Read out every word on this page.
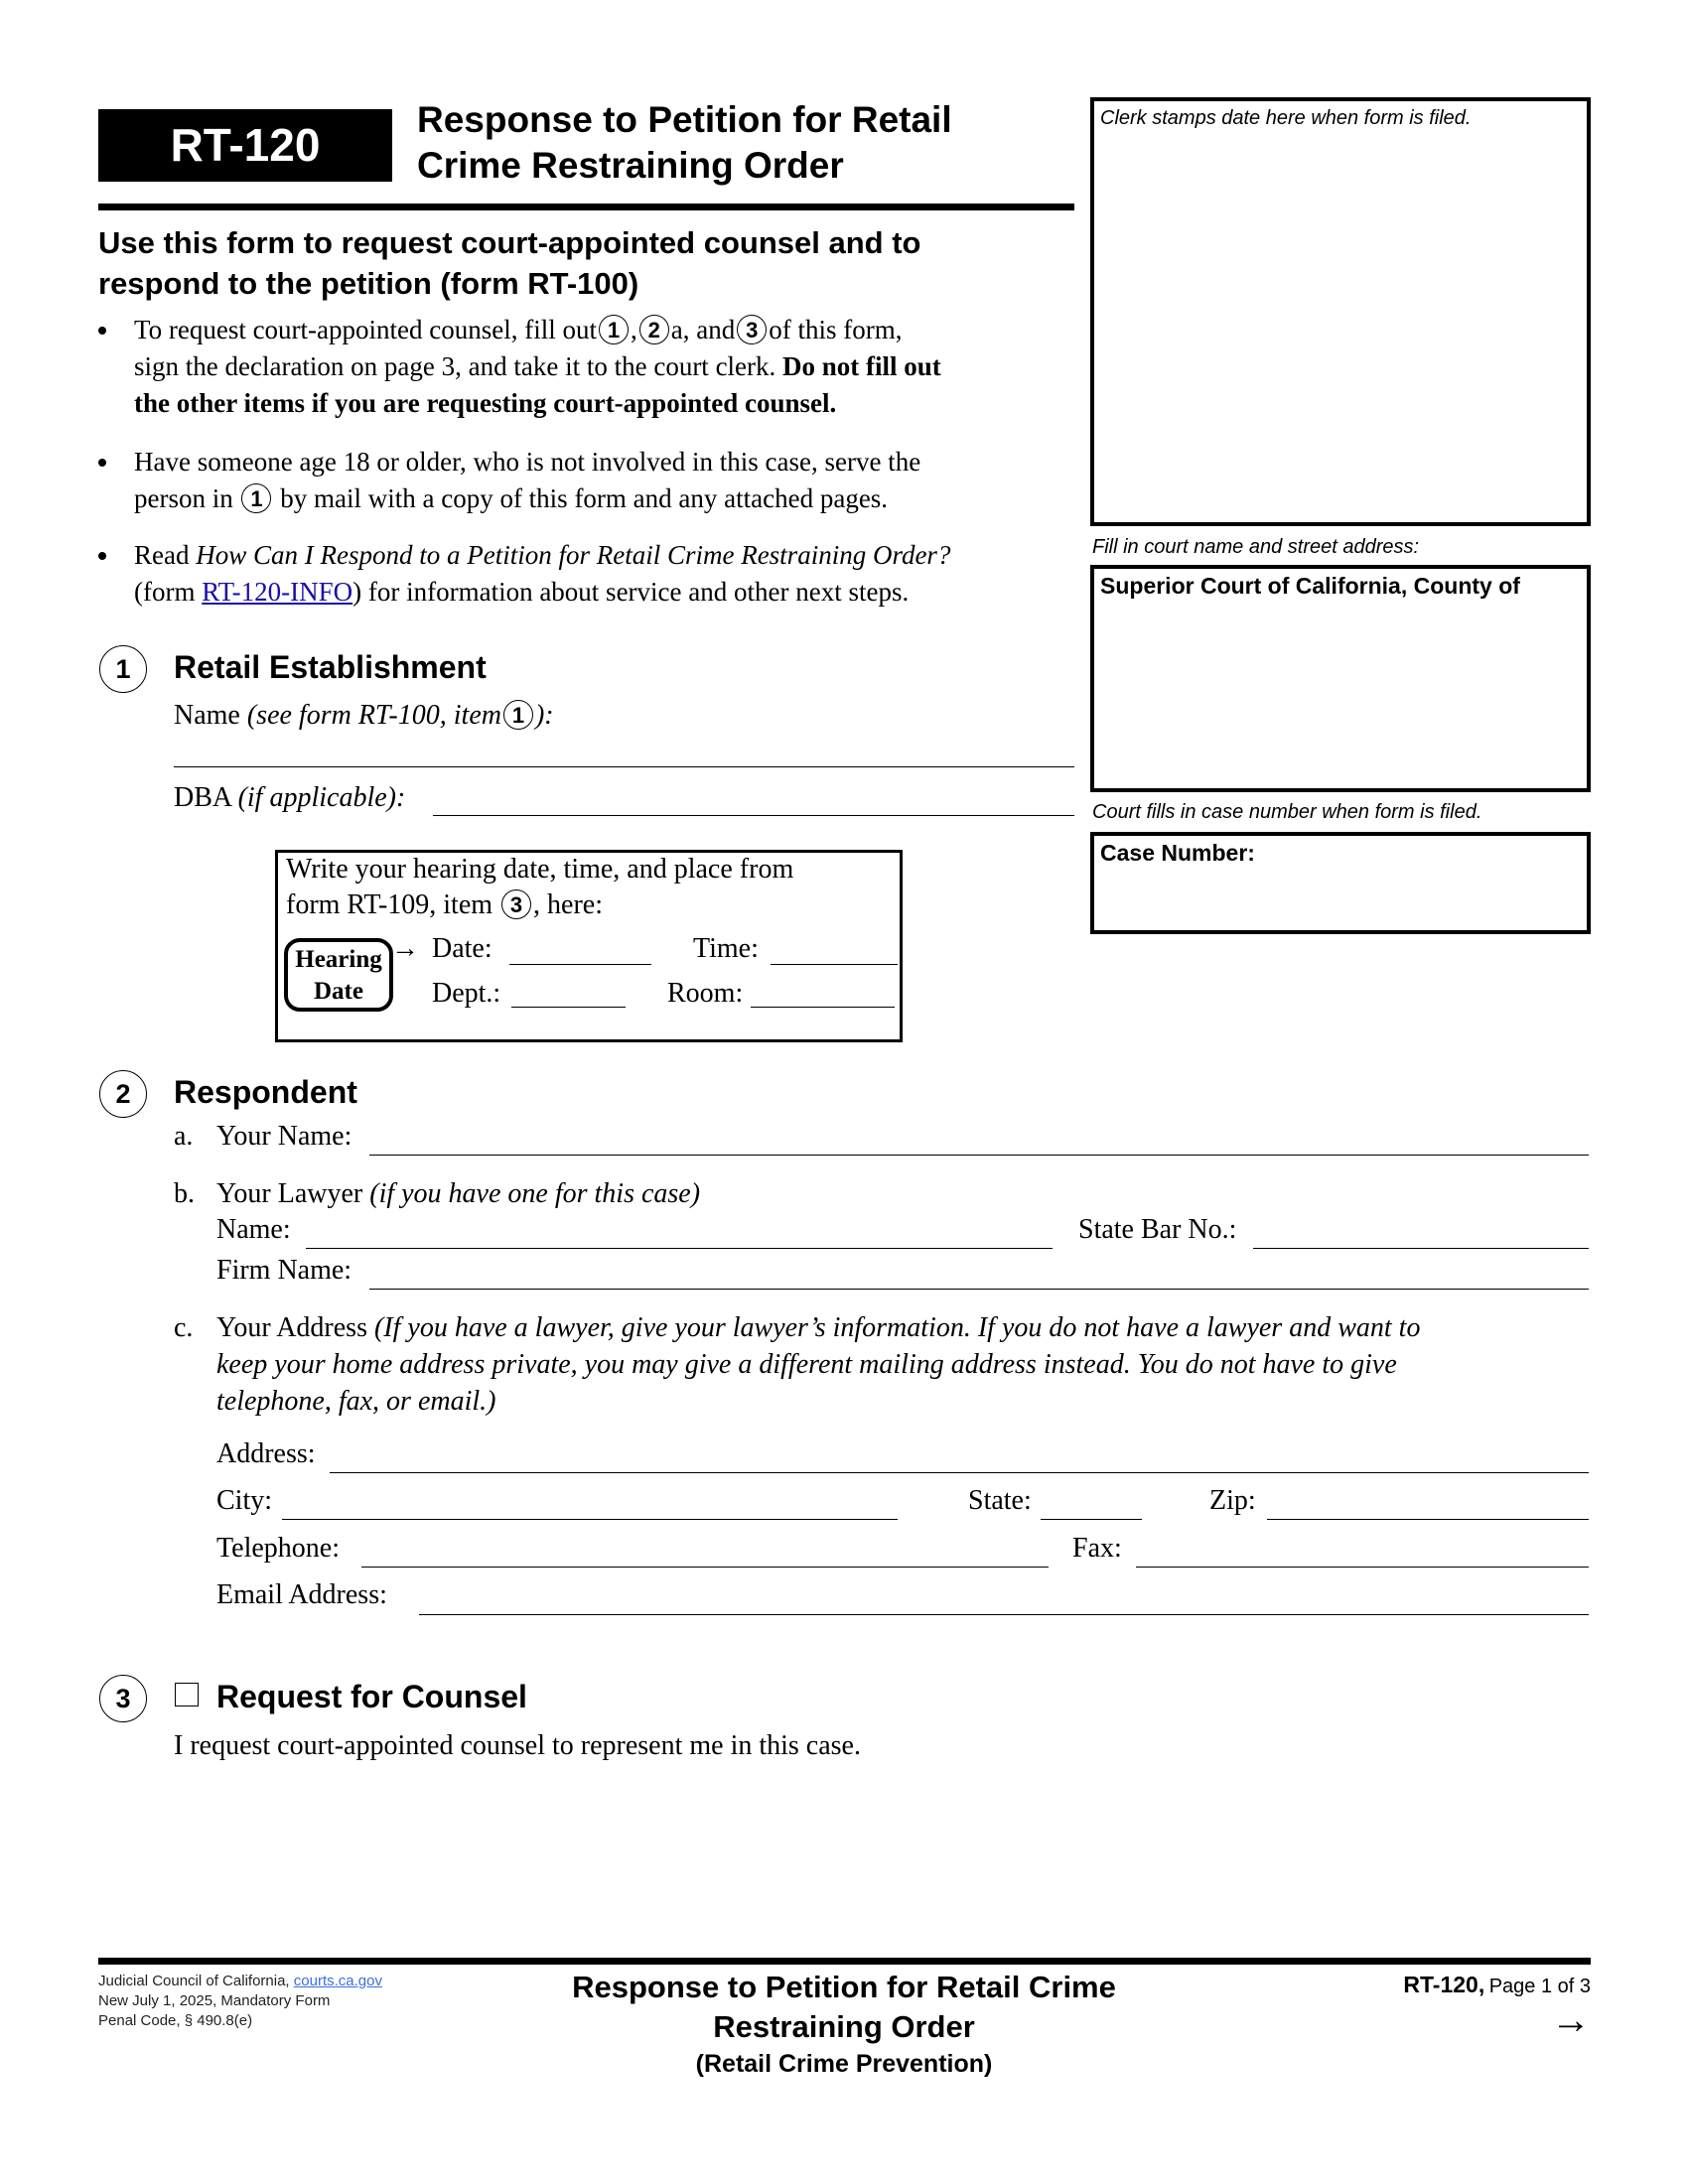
RT-120	Response to Petition for Retail
Crime Restraining Order
Use this form to request court-appointed counsel and to
respond to the petition (form RT-100)
To request court-appointed counsel, fill out 1 , 2 a, and 3 of this form,
sign the declaration on page 3, and take it to the court clerk. Do not fill out
the other items if you are requesting court-appointed counsel.
Have someone age 18 or older, who is not involved in this case, serve the
person in 1 by mail with a copy of this form and any attached pages.
Read How Can I Respond to a Petition for Retail Crime Restraining Order?
(form RT-120-INFO) for information about service and other next steps.
Clerk stamps date here when form is filed.
Fill in court name and street address:
Superior Court of California, County of
Court fills in case number when form is filed.
Case Number:
1	Retail Establishment
Name (see form RT-100, item 1 ):
DBA (if applicable):
Write your hearing date, time, and place from
form RT-109, item 3 , here:
Hearing
Date
→ Date:	Time:
Dept.:	Room:
2	Respondent
a. Your Name:
b. Your Lawyer (if you have one for this case)
Name:	State Bar No.:
Firm Name:
c. Your Address (If you have a lawyer, give your lawyer’s information. If you do not have a lawyer and want to
keep your home address private, you may give a different mailing address instead. You do not have to give
telephone, fax, or email.)
Address:
City:	State:	Zip:
Telephone:	Fax:
Email Address:
3	Request for Counsel
I request court-appointed counsel to represent me in this case.
Judicial Council of California, courts.ca.gov
New July 1, 2025, Mandatory Form
Penal Code, § 490.8(e)
Response to Petition for Retail Crime
Restraining Order
(Retail Crime Prevention)
RT-120, Page 1 of 3
→
